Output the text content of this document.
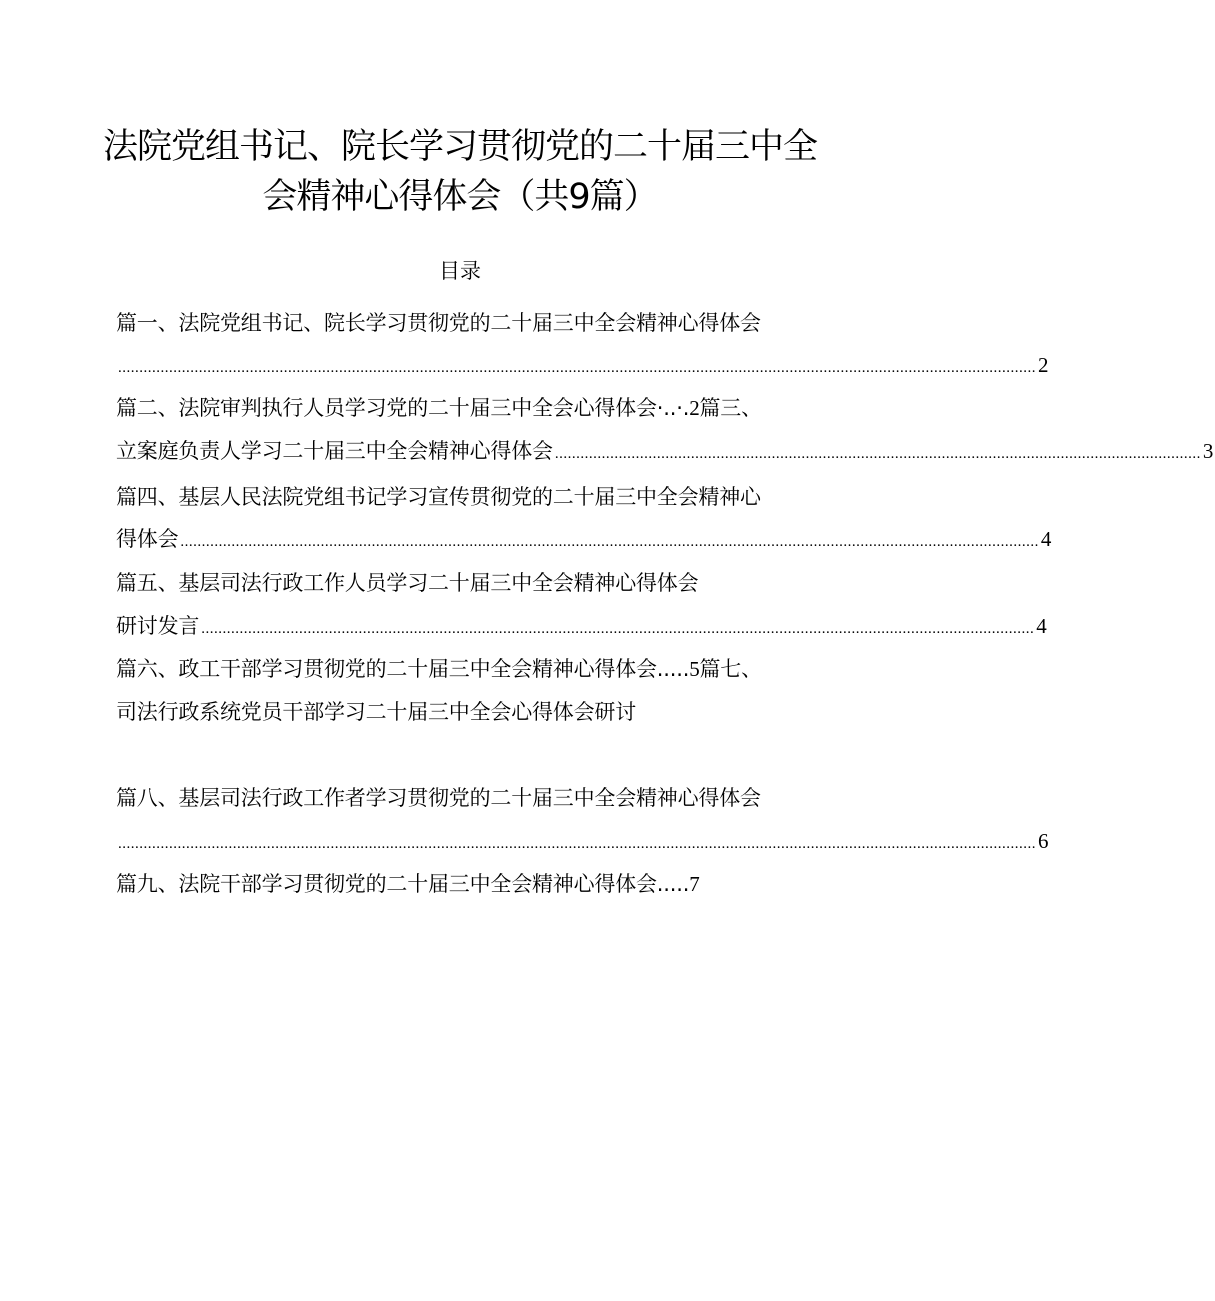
法院党组书记、院长学习贯彻党的二十届三中全
会精神心得体会（共9篇）
目录
篇一、法院党组书记、院长学习贯彻党的二十届三中全会精神心得体会
........................................................................................................................................................................................................................ 2
篇二、法院审判执行人员学习党的二十届三中全会心得体会·..·.2篇三、
立案庭负责人学习二十届三中全会精神心得体会 ........................................................................................................................................................ 3
篇四、基层人民法院党组书记学习宣传贯彻党的二十届三中全会精神心
得体会 .......................................................................................................................................................................................................... 4
篇五、基层司法行政工作人员学习二十届三中全会精神心得体会
研讨发言 .................................................................................................................................................................................................... 4
篇六、政工干部学习贯彻党的二十届三中全会精神心得体会.....5篇七、
司法行政系统党员干部学习二十届三中全会心得体会研讨
篇八、基层司法行政工作者学习贯彻党的二十届三中全会精神心得体会
........................................................................................................................................................................................................................ 6
篇九、法院干部学习贯彻党的二十届三中全会精神心得体会.....7
